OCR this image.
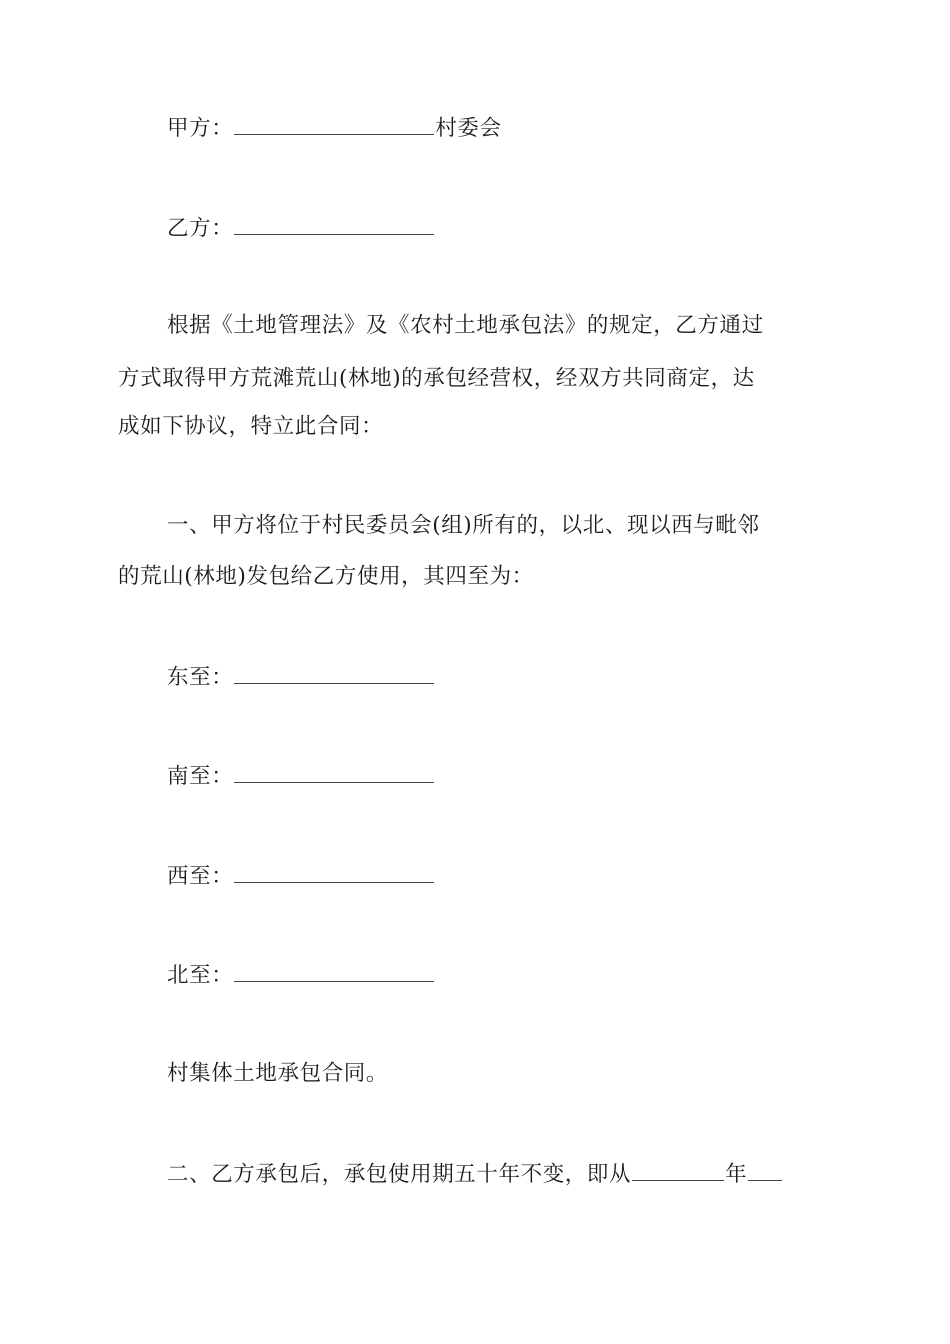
甲方：	村委会
乙方：
根据《土地管理法》及《农村土地承包法》的规定，乙方通过
方式取得甲方荒滩荒山(林地)的承包经营权，经双方共同商定，达
成如下协议，特立此合同：
一、甲方将位于村民委员会(组)所有的，以北、现以西与毗邻
的荒山(林地)发包给乙方使用，其四至为：
东至：
南至：
西至：
北至：
村集体土地承包合同。
二、乙方承包后，承包使用期五十年不变，即从	年
